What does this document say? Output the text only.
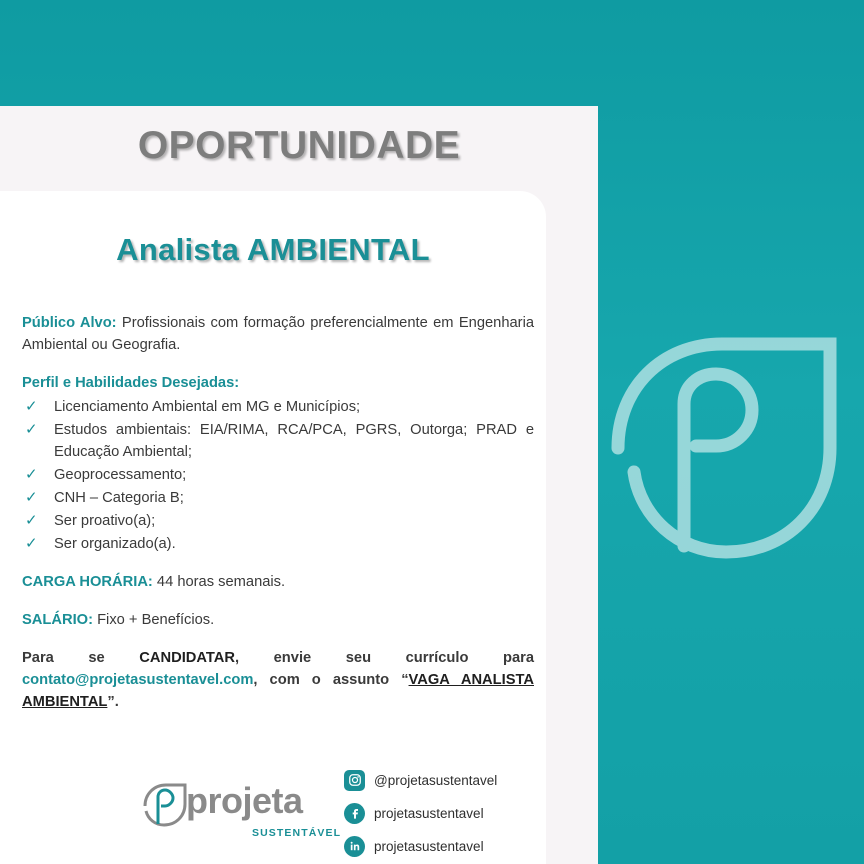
OPORTUNIDADE
Analista AMBIENTAL
Público Alvo: Profissionais com formação preferencialmente em Engenharia Ambiental ou Geografia.
Perfil e Habilidades Desejadas:
✓ Licenciamento Ambiental em MG e Municípios;
✓ Estudos ambientais: EIA/RIMA, RCA/PCA, PGRS, Outorga; PRAD e Educação Ambiental;
✓ Geoprocessamento;
✓ CNH – Categoria B;
✓ Ser proativo(a);
✓ Ser organizado(a).
CARGA HORÁRIA: 44 horas semanais.
SALÁRIO: Fixo + Benefícios.
Para se CANDIDATAR, envie seu currículo para contato@projetasustentavel.com, com o assunto “VAGA ANALISTA AMBIENTAL”.
projeta
SUSTENTÁVEL
@projetasustentavel
projetasustentavel
projetasustentavel
